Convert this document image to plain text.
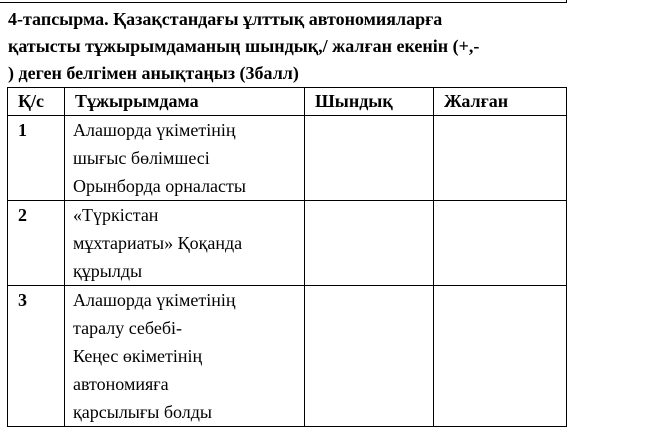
4-тапсырма. Қазақстандағы ұлттық автономияларға
қатысты тұжырымдаманың шындық,/ жалған екенін (+,-
) деген белгімен анықтаңыз (3балл)
Қ/с	Тұжырымдама	Шындық	Жалған
1	Алашорда үкіметінің
шығыс бөлімшесі
Орынборда орналасты		

2	«Түркістан
мұхтариаты» Қоқанда
құрылды		

3	Алашорда үкіметінің
таралу себебі-
Кеңес өкіметінің
автономияға
қарсылығы болды		
